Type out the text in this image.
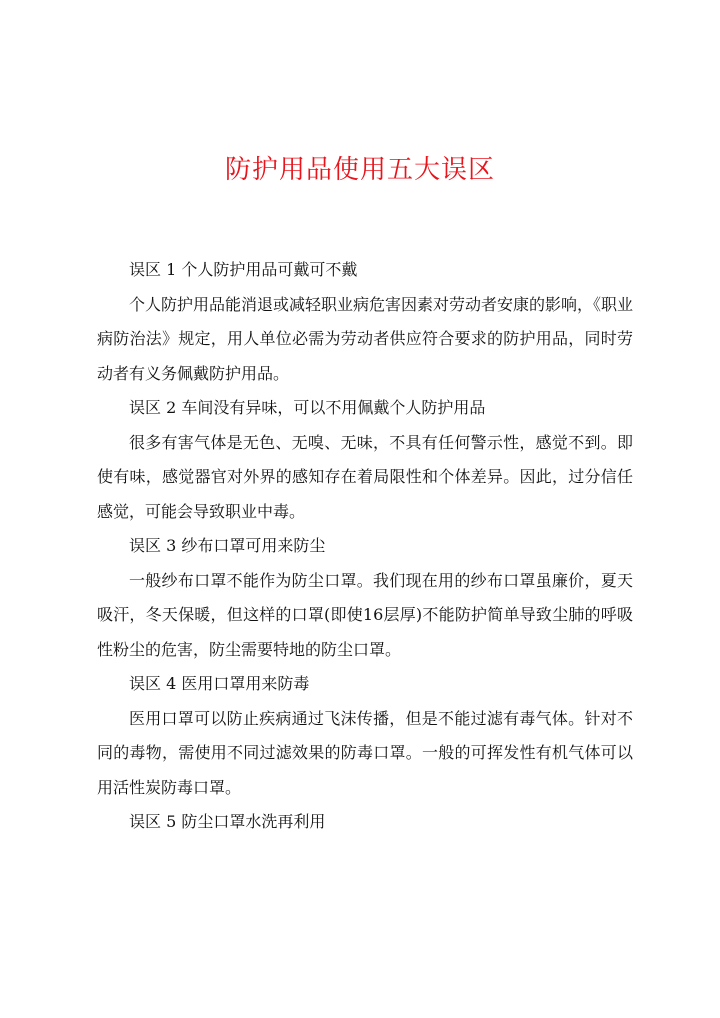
防护用品使用五大误区

误区 1 个人防护用品可戴可不戴

个人防护用品能消退或减轻职业病危害因素对劳动者安康的影响，《职业病防治法》规定，用人单位必需为劳动者供应符合要求的防护用品，同时劳动者有义务佩戴防护用品。

误区 2 车间没有异味，可以不用佩戴个人防护用品

很多有害气体是无色、无嗅、无味，不具有任何警示性，感觉不到。即使有味，感觉器官对外界的感知存在着局限性和个体差异。因此，过分信任感觉，可能会导致职业中毒。

误区 3 纱布口罩可用来防尘

一般纱布口罩不能作为防尘口罩。我们现在用的纱布口罩虽廉价，夏天吸汗，冬天保暖，但这样的口罩(即使16层厚)不能防护简单导致尘肺的呼吸性粉尘的危害，防尘需要特地的防尘口罩。

误区 4 医用口罩用来防毒

医用口罩可以防止疾病通过飞沫传播，但是不能过滤有毒气体。针对不同的毒物，需使用不同过滤效果的防毒口罩。一般的可挥发性有机气体可以用活性炭防毒口罩。

误区 5 防尘口罩水洗再利用
